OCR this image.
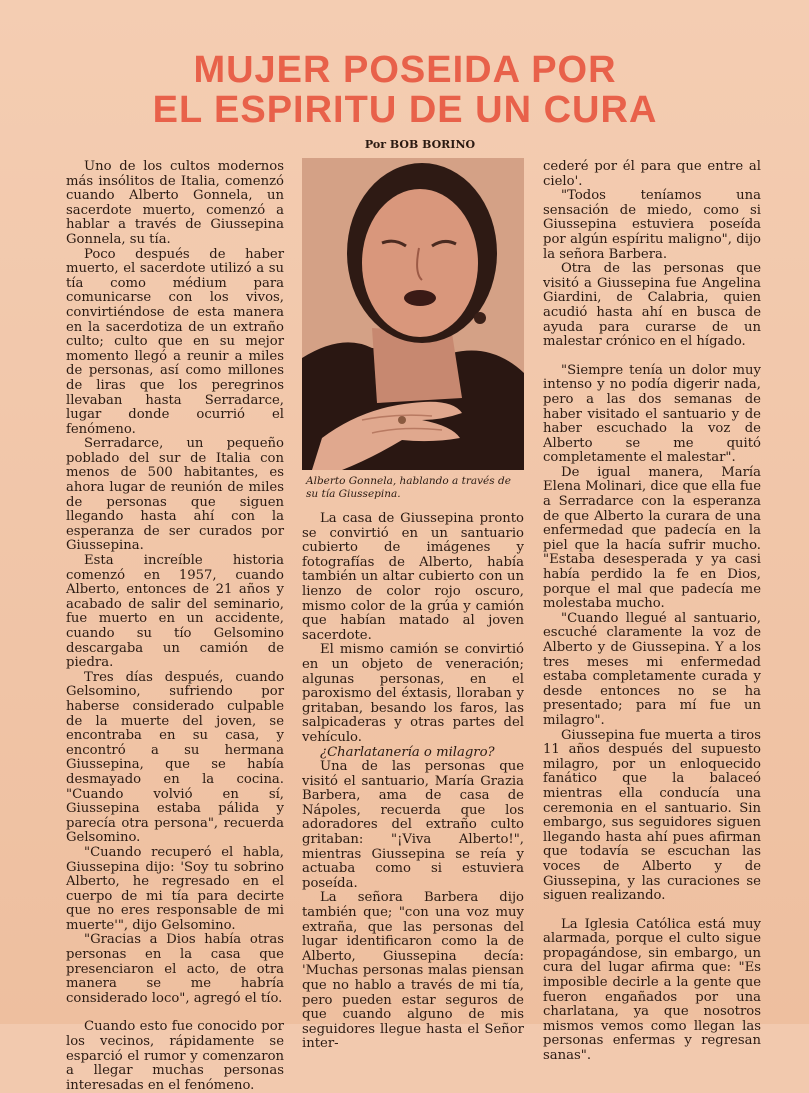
MUJER POSEIDA POR
EL ESPIRITU DE UN CURA
Por BOB BORINO

Uno de los cultos modernos más insólitos de Italia, comenzó cuando Alberto Gonnela, un sacerdote muerto, comenzó a hablar a través de Giussepina Gonnela, su tía.

Poco después de haber muerto, el sacerdote utilizó a su tía como médium para comunicarse con los vivos, convirtiéndose de esta manera en la sacerdotiza de un extraño culto; culto que en su mejor momento llegó a reunir a miles de personas, así como millones de liras que los peregrinos llevaban hasta Serradarce, lugar donde ocurrió el fenómeno.

Serradarce, un pequeño poblado del sur de Italia con menos de 500 habitantes, es ahora lugar de reunión de miles de personas que siguen llegando hasta ahí con la esperanza de ser curados por Giussepina.

Esta increíble historia comenzó en 1957, cuando Alberto, entonces de 21 años y acabado de salir del seminario, fue muerto en un accidente, cuando su tío Gelsomino descargaba un camión de piedra.

Tres días después, cuando Gelsomino, sufriendo por haberse considerado culpable de la muerte del joven, se encontraba en su casa, y encontró a su hermana Giussepina, que se había desmayado en la cocina. "Cuando volvió en sí, Giussepina estaba pálida y parecía otra persona", recuerda Gelsomino.

"Cuando recuperó el habla, Giussepina dijo: 'Soy tu sobrino Alberto, he regresado en el cuerpo de mi tía para decirte que no eres responsable de mi muerte'", dijo Gelsomino.

"Gracias a Dios había otras personas en la casa que presenciaron el acto, de otra manera se me habría considerado loco", agregó el tío.

Cuando esto fue conocido por los vecinos, rápidamente se esparció el rumor y comenzaron a llegar muchas personas interesadas en el fenómeno.

Alberto Gonnela, hablando a través de su tía Giussepina.

La casa de Giussepina pronto se convirtió en un santuario cubierto de imágenes y fotografías de Alberto, había también un altar cubierto con un lienzo de color rojo oscuro, mismo color de la grúa y camión que habían matado al joven sacerdote.

El mismo camión se convirtió en un objeto de veneración; algunas personas, en el paroxismo del éxtasis, lloraban y gritaban, besando los faros, las salpicaderas y otras partes del vehículo.

¿Charlatanería o milagro?

Una de las personas que visitó el santuario, María Grazia Barbera, ama de casa de Nápoles, recuerda que los adoradores del extraño culto gritaban: "¡Viva Alberto!", mientras Giussepina se reía y actuaba como si estuviera poseída.

La señora Barbera dijo también que; "con una voz muy extraña, que las personas del lugar identificaron como la de Alberto, Giussepina decía: 'Muchas personas malas piensan que no hablo a través de mi tía, pero pueden estar seguros de que cuando alguno de mis seguidores llegue hasta el Señor inter-

cederé por él para que entre al cielo'.

"Todos teníamos una sensación de miedo, como si Giussepina estuviera poseída por algún espíritu maligno", dijo la señora Barbera.

Otra de las personas que visitó a Giussepina fue Angelina Giardini, de Calabria, quien acudió hasta ahí en busca de ayuda para curarse de un malestar crónico en el hígado.

"Siempre tenía un dolor muy intenso y no podía digerir nada, pero a las dos semanas de haber visitado el santuario y de haber escuchado la voz de Alberto se me quitó completamente el malestar".

De igual manera, María Elena Molinari, dice que ella fue a Serradarce con la esperanza de que Alberto la curara de una enfermedad que padecía en la piel que la hacía sufrir mucho. "Estaba desesperada y ya casi había perdido la fe en Dios, porque el mal que padecía me molestaba mucho.

"Cuando llegué al santuario, escuché claramente la voz de Alberto y de Giussepina. Y a los tres meses mi enfermedad estaba completamente curada y desde entonces no se ha presentado; para mí fue un milagro".

Giussepina fue muerta a tiros 11 años después del supuesto milagro, por un enloquecido fanático que la balaceó mientras ella conducía una ceremonia en el santuario. Sin embargo, sus seguidores siguen llegando hasta ahí pues afirman que todavía se escuchan las voces de Alberto y de Giussepina, y las curaciones se siguen realizando.

La Iglesia Católica está muy alarmada, porque el culto sigue propagándose, sin embargo, un cura del lugar afirma que: "Es imposible decirle a la gente que fueron engañados por una charlatana, ya que nosotros mismos vemos como llegan las personas enfermas y regresan sanas".
